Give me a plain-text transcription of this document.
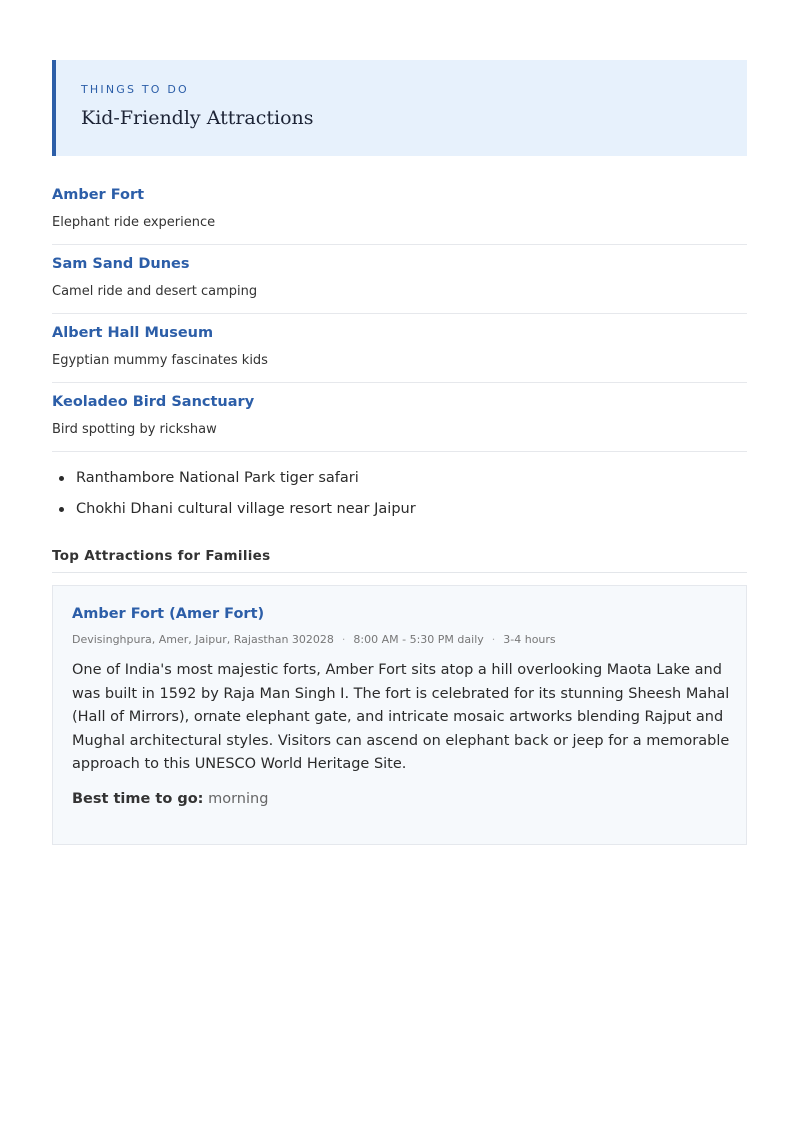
THINGS TO DO
Kid-Friendly Attractions
Amber Fort
Elephant ride experience
Sam Sand Dunes
Camel ride and desert camping
Albert Hall Museum
Egyptian mummy fascinates kids
Keoladeo Bird Sanctuary
Bird spotting by rickshaw
Ranthambore National Park tiger safari
Chokhi Dhani cultural village resort near Jaipur
Top Attractions for Families
Amber Fort (Amer Fort)
Devisinghpura, Amer, Jaipur, Rajasthan 302028 · 8:00 AM - 5:30 PM daily · 3-4 hours

One of India's most majestic forts, Amber Fort sits atop a hill overlooking Maota Lake and was built in 1592 by Raja Man Singh I. The fort is celebrated for its stunning Sheesh Mahal (Hall of Mirrors), ornate elephant gate, and intricate mosaic artworks blending Rajput and Mughal architectural styles. Visitors can ascend on elephant back or jeep for a memorable approach to this UNESCO World Heritage Site.

Best time to go: morning
